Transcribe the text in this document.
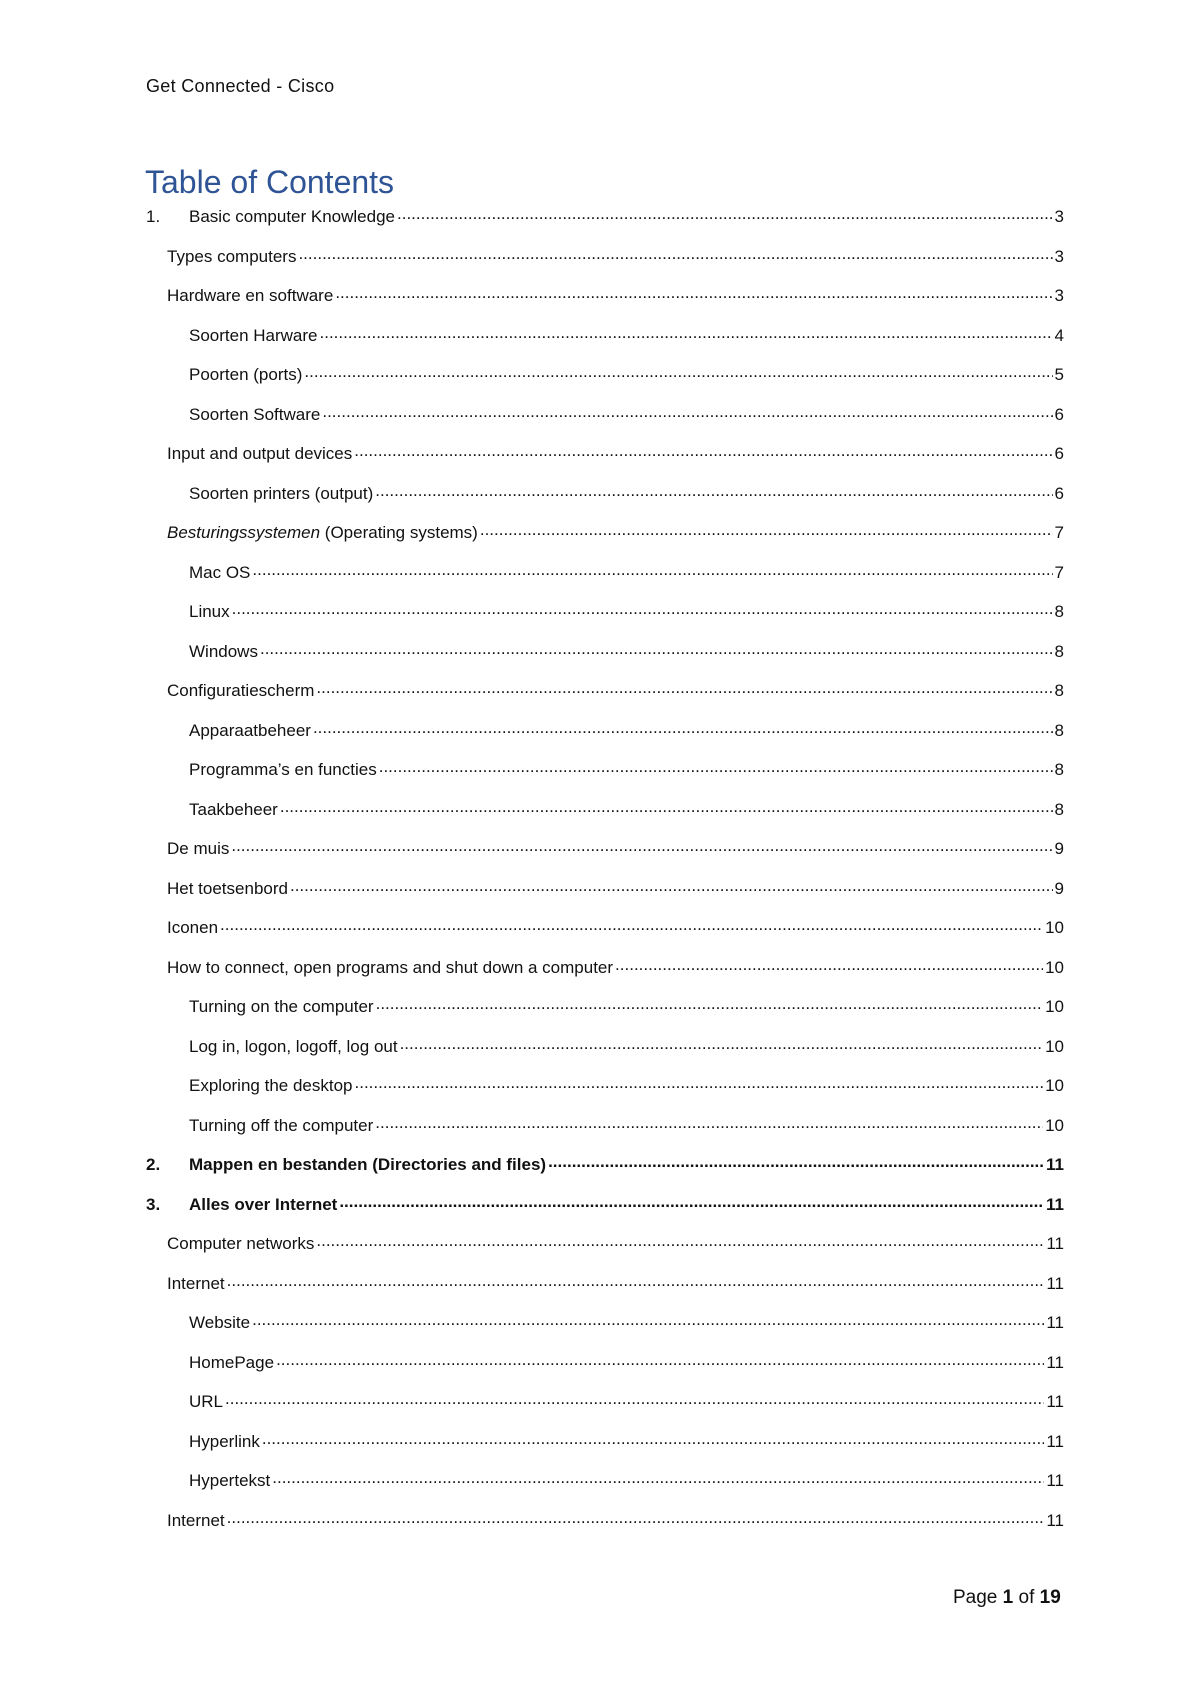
Get Connected - Cisco
Table of Contents
1.	Basic computer Knowledge .....	3
Types computers .....	3
Hardware en software .....	3
Soorten Harware .....	4
Poorten (ports) .....	5
Soorten Software .....	6
Input and output devices .....	6
Soorten printers (output) .....	6
Besturingssystemen (Operating systems) .....	7
Mac OS .....	7
Linux .....	8
Windows .....	8
Configuratiescherm .....	8
Apparaatbeheer .....	8
Programma’s en functies .....	8
Taakbeheer .....	8
De muis .....	9
Het toetsenbord .....	9
Iconen .....	10
How to connect, open programs and shut down a computer .....	10
Turning on the computer .....	10
Log in, logon, logoff, log out .....	10
Exploring the desktop .....	10
Turning off the computer .....	10
2.	Mappen en bestanden (Directories and files) .....	11
3.	Alles over Internet .....	11
Computer networks .....	11
Internet .....	11
Website .....	11
HomePage .....	11
URL .....	11
Hyperlink .....	11
Hypertekst .....	11
Internet .....	11
Page 1 of 19
